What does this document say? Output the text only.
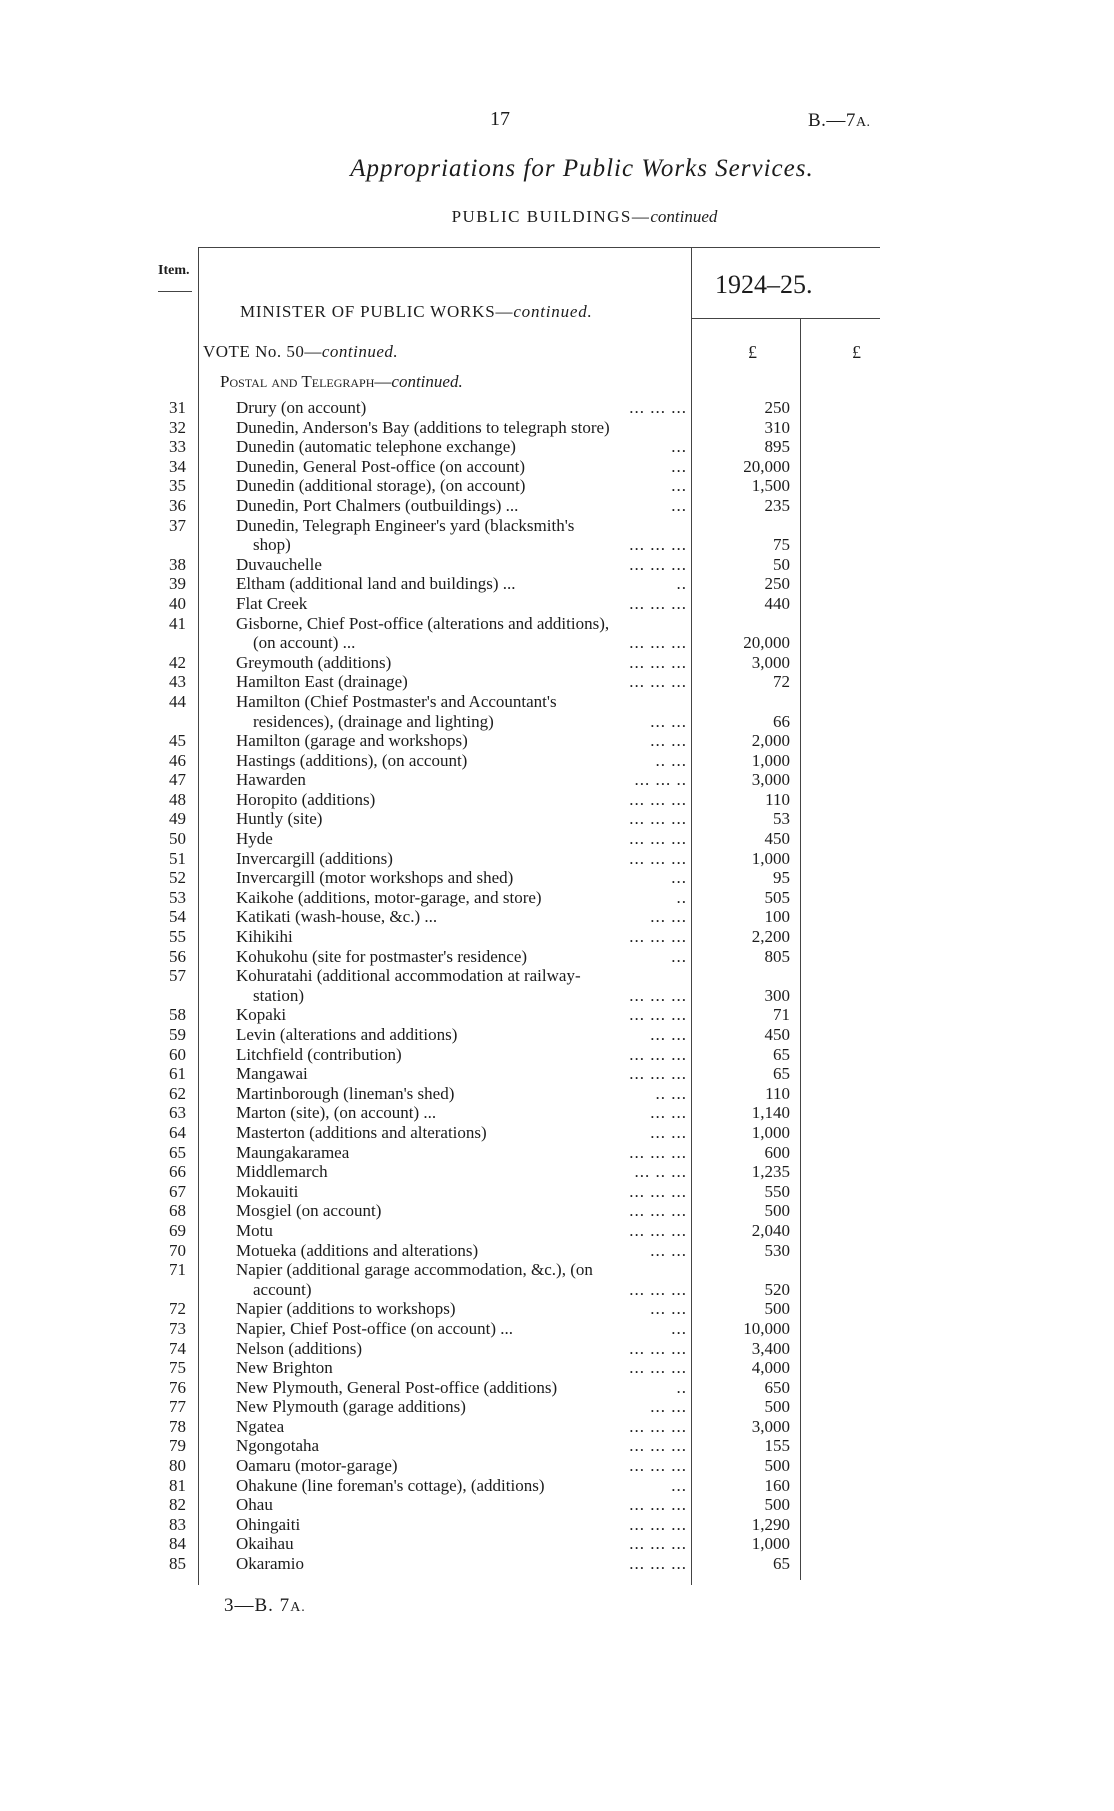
17	B.—7A.
Appropriations for Public Works Services.
PUBLIC BUILDINGS—continued
Item.	1924–25.
MINISTER OF PUBLIC WORKS—continued.
VOTE No. 50—continued.	£	£
Postal and Telegraph—continued.
31	Drury (on account)	... ... ...	250
32	Dunedin, Anderson's Bay (additions to telegraph store)	310
33	Dunedin (automatic telephone exchange)	...	895
34	Dunedin, General Post-office (on account)	...	20,000
35	Dunedin (additional storage), (on account)	...	1,500
36	Dunedin, Port Chalmers (outbuildings) ...	...	235
37	Dunedin, Telegraph Engineer's yard (blacksmith's
shop)	... ... ...	75
38	Duvauchelle	... ... ...	50
39	Eltham (additional land and buildings) ...	..	250
40	Flat Creek	... ... ...	440
41	Gisborne, Chief Post-office (alterations and additions),
(on account) ...	... ... ...	20,000
42	Greymouth (additions)	... ... ...	3,000
43	Hamilton East (drainage)	... ... ...	72
44	Hamilton (Chief Postmaster's and Accountant's
residences), (drainage and lighting)	... ...	66
45	Hamilton (garage and workshops)	... ...	2,000
46	Hastings (additions), (on account)	.. ...	1,000
47	Hawarden	... ... ..	3,000
48	Horopito (additions)	... ... ...	110
49	Huntly (site)	... ... ...	53
50	Hyde	... ... ...	450
51	Invercargill (additions)	... ... ...	1,000
52	Invercargill (motor workshops and shed)	...	95
53	Kaikohe (additions, motor-garage, and store)	..	505
54	Katikati (wash-house, &c.) ...	... ...	100
55	Kihikihi	... ... ...	2,200
56	Kohukohu (site for postmaster's residence)	...	805
57	Kohuratahi (additional accommodation at railway-
station)	... ... ...	300
58	Kopaki	... ... ...	71
59	Levin (alterations and additions)	... ...	450
60	Litchfield (contribution)	... ... ...	65
61	Mangawai	... ... ...	65
62	Martinborough (lineman's shed)	.. ...	110
63	Marton (site), (on account) ...	... ...	1,140
64	Masterton (additions and alterations)	... ...	1,000
65	Maungakaramea	... ... ...	600
66	Middlemarch	... .. ...	1,235
67	Mokauiti	... ... ...	550
68	Mosgiel (on account)	... ... ...	500
69	Motu	... ... ...	2,040
70	Motueka (additions and alterations)	... ...	530
71	Napier (additional garage accommodation, &c.), (on
account)	... ... ...	520
72	Napier (additions to workshops)	... ...	500
73	Napier, Chief Post-office (on account) ...	...	10,000
74	Nelson (additions)	... ... ...	3,400
75	New Brighton	... ... ...	4,000
76	New Plymouth, General Post-office (additions)	..	650
77	New Plymouth (garage additions)	... ...	500
78	Ngatea	... ... ...	3,000
79	Ngongotaha	... ... ...	155
80	Oamaru (motor-garage)	... ... ...	500
81	Ohakune (line foreman's cottage), (additions)	...	160
82	Ohau	... ... ...	500
83	Ohingaiti	... ... ...	1,290
84	Okaihau	... ... ...	1,000
85	Okaramio	... ... ...	65
3—B. 7A.
